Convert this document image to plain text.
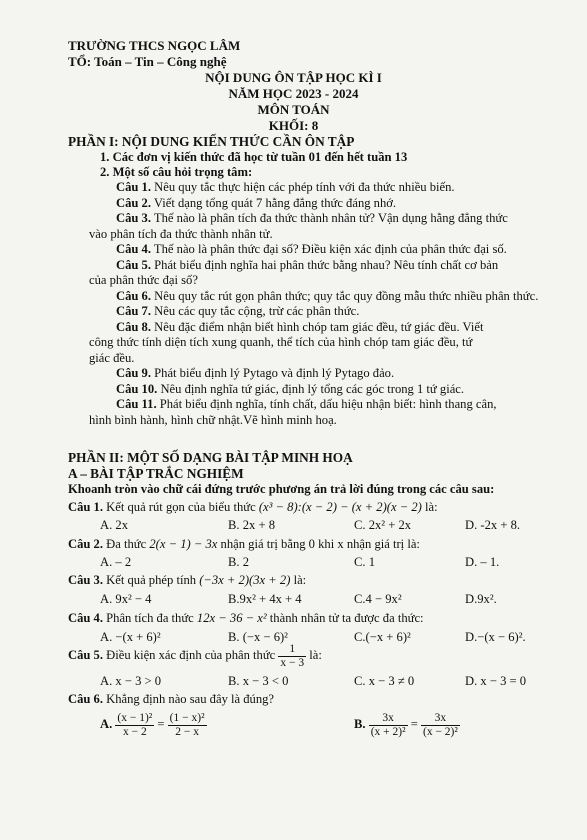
TRƯỜNG THCS NGỌC LÂM
TỔ: Toán – Tin – Công nghệ
NỘI DUNG ÔN TẬP HỌC KÌ I
NĂM HỌC 2023 - 2024
MÔN TOÁN
KHỐI: 8
PHẦN I: NỘI DUNG KIẾN THỨC CẦN ÔN TẬP
1. Các đơn vị kiến thức đã học từ tuần 01 đến hết tuần 13
2. Một số câu hỏi trọng tâm:
Câu 1. Nêu quy tắc thực hiện các phép tính với đa thức nhiều biến.
Câu 2. Viết dạng tổng quát 7 hằng đẳng thức đáng nhớ.
Câu 3. Thế nào là phân tích đa thức thành nhân tử? Vận dụng hằng đẳng thức
vào phân tích đa thức thành nhân tử.
Câu 4. Thế nào là phân thức đại số? Điều kiện xác định của phân thức đại số.
Câu 5. Phát biểu định nghĩa hai phân thức bằng nhau? Nêu tính chất cơ bản
của phân thức đại số?
Câu 6. Nêu quy tắc rút gọn phân thức; quy tắc quy đồng mẫu thức nhiều phân thức.
Câu 7. Nêu các quy tắc cộng, trừ các phân thức.
Câu 8. Nêu đặc điểm nhận biết hình chóp tam giác đều, tứ giác đều. Viết
công thức tính diện tích xung quanh, thể tích của hình chóp tam giác đều, tứ
giác đều.
Câu 9. Phát biểu định lý Pytago và định lý Pytago đảo.
Câu 10. Nêu định nghĩa tứ giác, định lý tổng các góc trong 1 tứ giác.
Câu 11. Phát biểu định nghĩa, tính chất, dấu hiệu nhận biết: hình thang cân,
hình bình hành, hình chữ nhật.Vẽ hình minh hoạ.
PHẦN II: MỘT SỐ DẠNG BÀI TẬP MINH HOẠ
A – BÀI TẬP TRẮC NGHIỆM
Khoanh tròn vào chữ cái đứng trước phương án trả lời đúng trong các câu sau:
Câu 1. Kết quả rút gọn của biểu thức (x³ − 8):(x − 2) − (x + 2)(x − 2) là:
A. 2x	B. 2x + 8	C. 2x² + 2x	D. -2x + 8.
Câu 2. Đa thức 2(x − 1) − 3x nhận giá trị bằng 0 khi x nhận giá trị là:
A. – 2	B. 2	C. 1	D. – 1.
Câu 3. Kết quả phép tính (−3x + 2)(3x + 2) là:
A. 9x² − 4	B.9x² + 4x + 4	C.4 − 9x²	D.9x².
Câu 4. Phân tích đa thức 12x − 36 − x² thành nhân tử ta được đa thức:
A. −(x + 6)²	B. (−x − 6)²	C.(−x + 6)²	D.−(x − 6)².
Câu 5. Điều kiện xác định của phân thức $\frac{1}{x - 3}$ là:
A. x − 3 > 0	B. x − 3 < 0	C. x − 3 ≠ 0	D. x − 3 = 0
Câu 6. Khẳng định nào sau đây là đúng?
A. $\frac{\text{(x − 1)²}}{x - 2} = \frac{\text{(1 − x)²}}{2 - x}$	B. $\frac{3x}{\text{(x + 2)²}} = \frac{3x}{\text{(x − 2)²}}$
